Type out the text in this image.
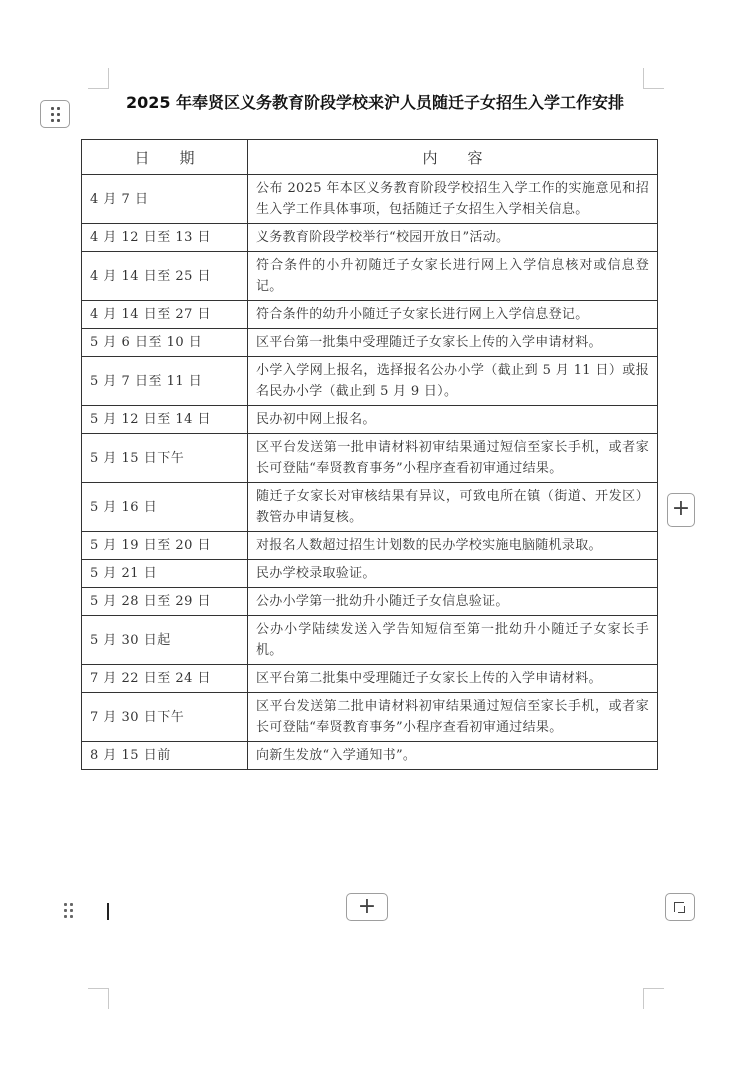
2025 年奉贤区义务教育阶段学校来沪人员随迁子女招生入学工作安排
日　　期	内　　容
4 月 7 日	公布 2025 年本区义务教育阶段学校招生入学工作的实施意见和招生入学工作具体事项，包括随迁子女招生入学相关信息。
4 月 12 日至 13 日	义务教育阶段学校举行“校园开放日”活动。
4 月 14 日至 25 日	符合条件的小升初随迁子女家长进行网上入学信息核对或信息登记。
4 月 14 日至 27 日	符合条件的幼升小随迁子女家长进行网上入学信息登记。
5 月 6 日至 10 日	区平台第一批集中受理随迁子女家长上传的入学申请材料。
5 月 7 日至 11 日	小学入学网上报名，选择报名公办小学（截止到 5 月 11 日）或报名民办小学（截止到 5 月 9 日）。
5 月 12 日至 14 日	民办初中网上报名。
5 月 15 日下午	区平台发送第一批申请材料初审结果通过短信至家长手机，或者家长可登陆“奉贤教育事务”小程序查看初审通过结果。
5 月 16 日	随迁子女家长对审核结果有异议，可致电所在镇（街道、开发区）教管办申请复核。
5 月 19 日至 20 日	对报名人数超过招生计划数的民办学校实施电脑随机录取。
5 月 21 日	民办学校录取验证。
5 月 28 日至 29 日	公办小学第一批幼升小随迁子女信息验证。
5 月 30 日起	公办小学陆续发送入学告知短信至第一批幼升小随迁子女家长手机。
7 月 22 日至 24 日	区平台第二批集中受理随迁子女家长上传的入学申请材料。
7 月 30 日下午	区平台发送第二批申请材料初审结果通过短信至家长手机，或者家长可登陆“奉贤教育事务”小程序查看初审通过结果。
8 月 15 日前	向新生发放“入学通知书”。
+
+
